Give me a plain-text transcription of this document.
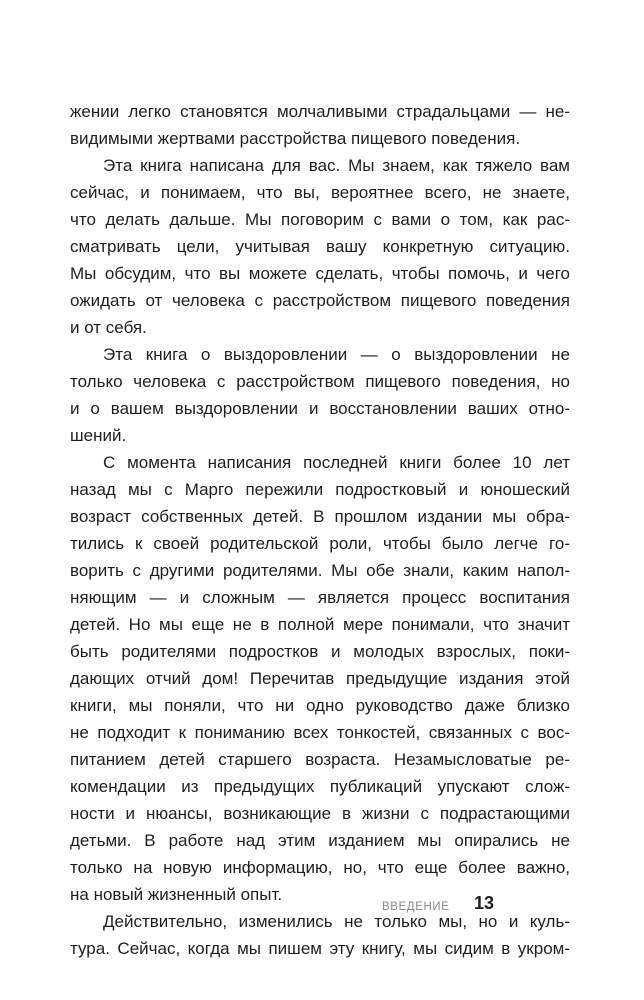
жении легко становятся молчаливыми страдальцами — не-
видимыми жертвами расстройства пищевого поведения.
Эта книга написана для вас. Мы знаем, как тяжело вам
сейчас, и понимаем, что вы, вероятнее всего, не знаете,
что делать дальше. Мы поговорим с вами о том, как рас-
сматривать цели, учитывая вашу конкретную ситуацию.
Мы обсудим, что вы можете сделать, чтобы помочь, и чего
ожидать от человека с расстройством пищевого поведения
и от себя.
Эта книга о выздоровлении — о выздоровлении не
только человека с расстройством пищевого поведения, но
и о вашем выздоровлении и восстановлении ваших отно-
шений.
С момента написания последней книги более 10 лет
назад мы с Марго пережили подростковый и юношеский
возраст собственных детей. В прошлом издании мы обра-
тились к своей родительской роли, чтобы было легче го-
ворить с другими родителями. Мы обе знали, каким напол-
няющим — и сложным — является процесс воспитания
детей. Но мы еще не в полной мере понимали, что значит
быть родителями подростков и молодых взрослых, поки-
дающих отчий дом! Перечитав предыдущие издания этой
книги, мы поняли, что ни одно руководство даже близко
не подходит к пониманию всех тонкостей, связанных с вос-
питанием детей старшего возраста. Незамысловатые ре-
комендации из предыдущих публикаций упускают слож-
ности и нюансы, возникающие в жизни с подрастающими
детьми. В работе над этим изданием мы опирались не
только на новую информацию, но, что еще более важно,
на новый жизненный опыт.
Действительно, изменились не только мы, но и куль-
тура. Сейчас, когда мы пишем эту книгу, мы сидим в укром-
ВВЕДЕНИЕ 13
